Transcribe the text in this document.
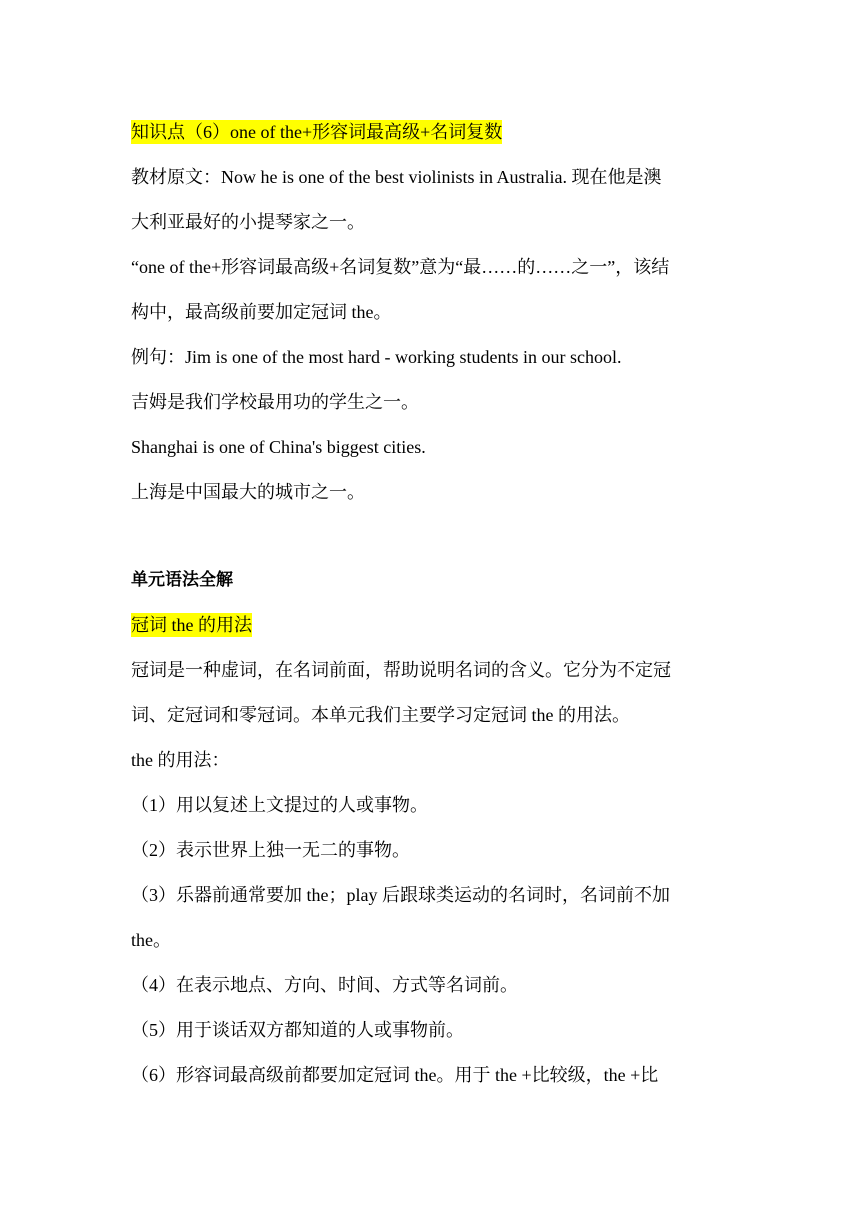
知识点（6）one of the+形容词最高级+名词复数
教材原文：Now he is one of the best violinists in Australia. 现在他是澳
大利亚最好的小提琴家之一。
“one of the+形容词最高级+名词复数”意为“最……的……之一”，该结
构中，最高级前要加定冠词 the。
例句：Jim is one of the most hard - working students in our school.
吉姆是我们学校最用功的学生之一。
Shanghai is one of China's biggest cities.
上海是中国最大的城市之一。
单元语法全解
冠词 the 的用法
冠词是一种虚词，在名词前面，帮助说明名词的含义。它分为不定冠
词、定冠词和零冠词。本单元我们主要学习定冠词 the 的用法。
the 的用法：
（1）用以复述上文提过的人或事物。
（2）表示世界上独一无二的事物。
（3）乐器前通常要加 the；play 后跟球类运动的名词时，名词前不加
the。
（4）在表示地点、方向、时间、方式等名词前。
（5）用于谈话双方都知道的人或事物前。
（6）形容词最高级前都要加定冠词 the。用于 the +比较级，the +比
